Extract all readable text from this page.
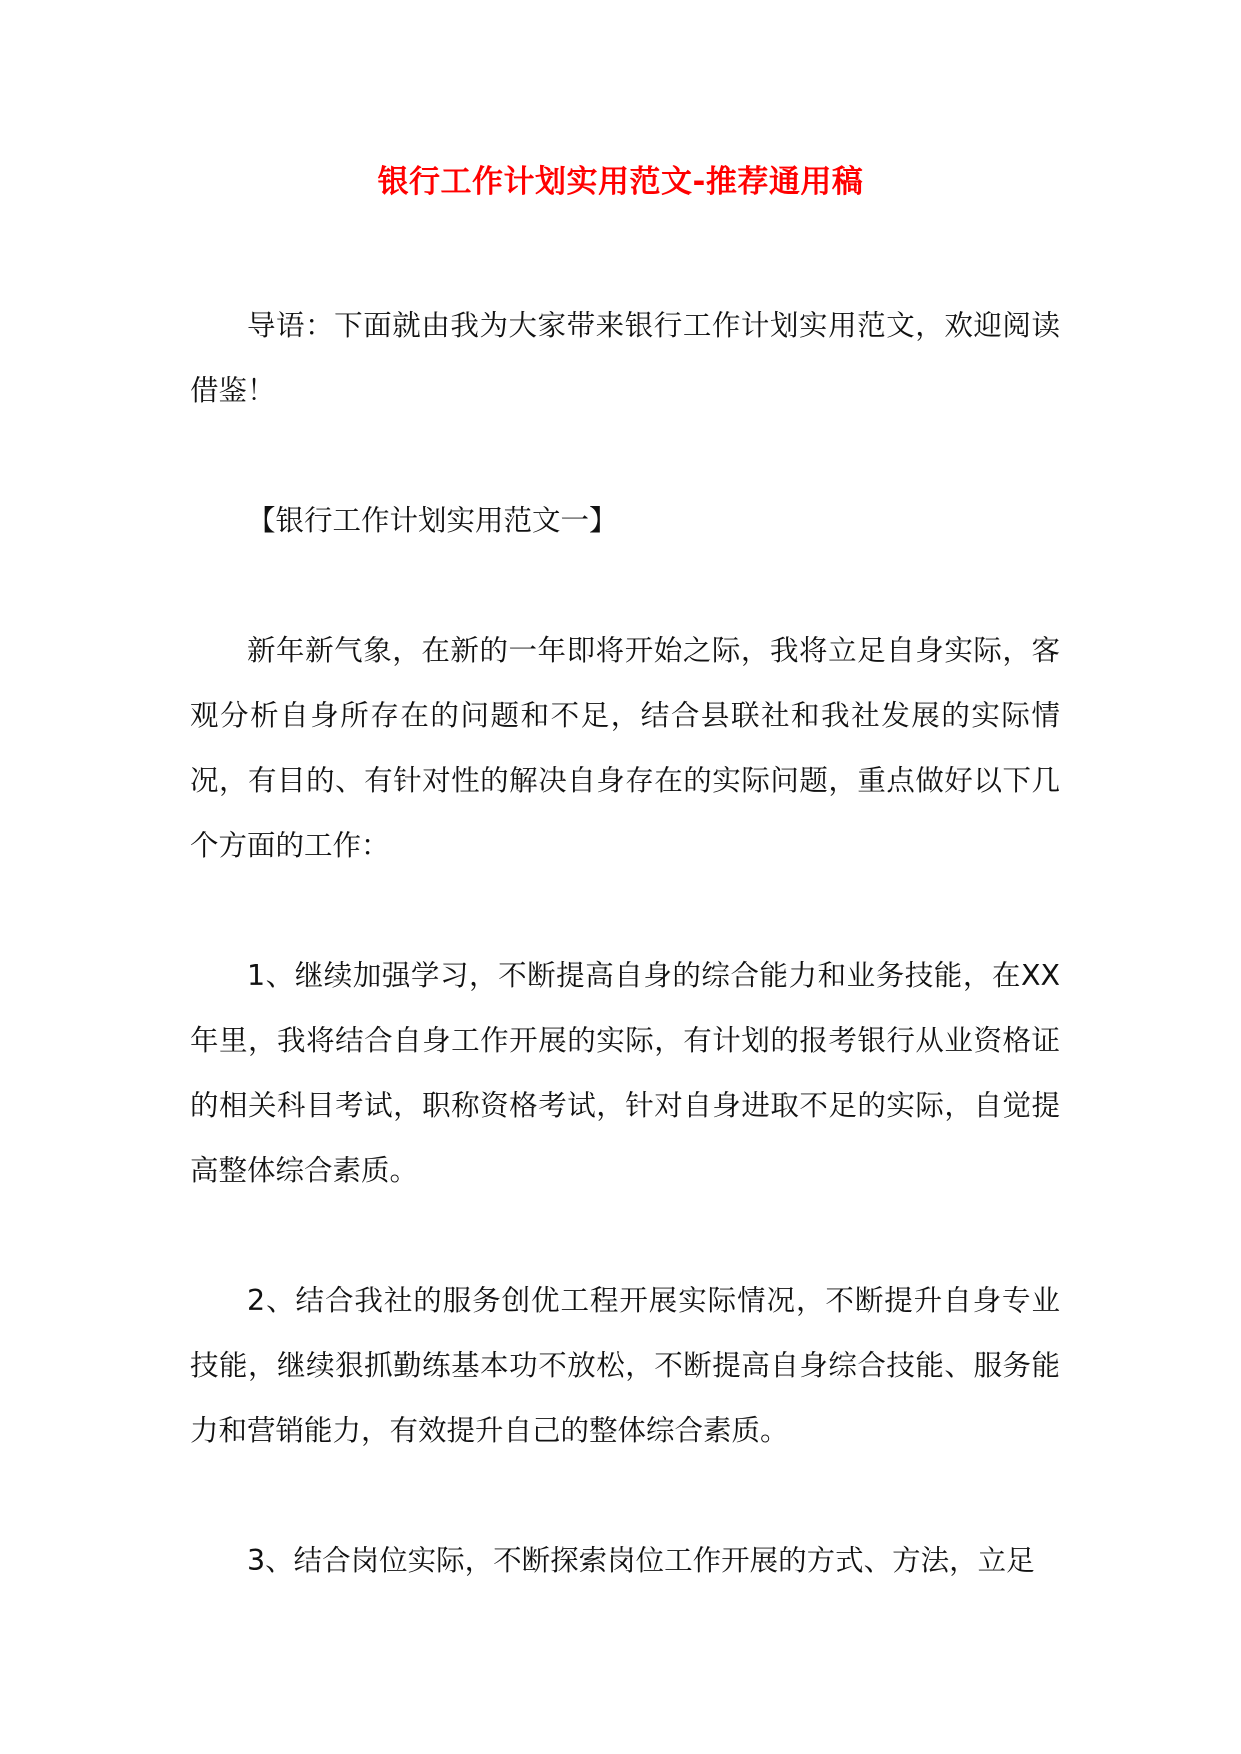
银行工作计划实用范文-推荐通用稿

导语：下面就由我为大家带来银行工作计划实用范文，欢迎阅读借鉴！

【银行工作计划实用范文一】

新年新气象，在新的一年即将开始之际，我将立足自身实际，客观分析自身所存在的问题和不足，结合县联社和我社发展的实际情况，有目的、有针对性的解决自身存在的实际问题，重点做好以下几个方面的工作：

1、继续加强学习，不断提高自身的综合能力和业务技能，在XX年里，我将结合自身工作开展的实际，有计划的报考银行从业资格证的相关科目考试，职称资格考试，针对自身进取不足的实际，自觉提高整体综合素质。

2、结合我社的服务创优工程开展实际情况，不断提升自身专业技能，继续狠抓勤练基本功不放松，不断提高自身综合技能、服务能力和营销能力，有效提升自己的整体综合素质。

3、结合岗位实际，不断探索岗位工作开展的方式、方法，立足
